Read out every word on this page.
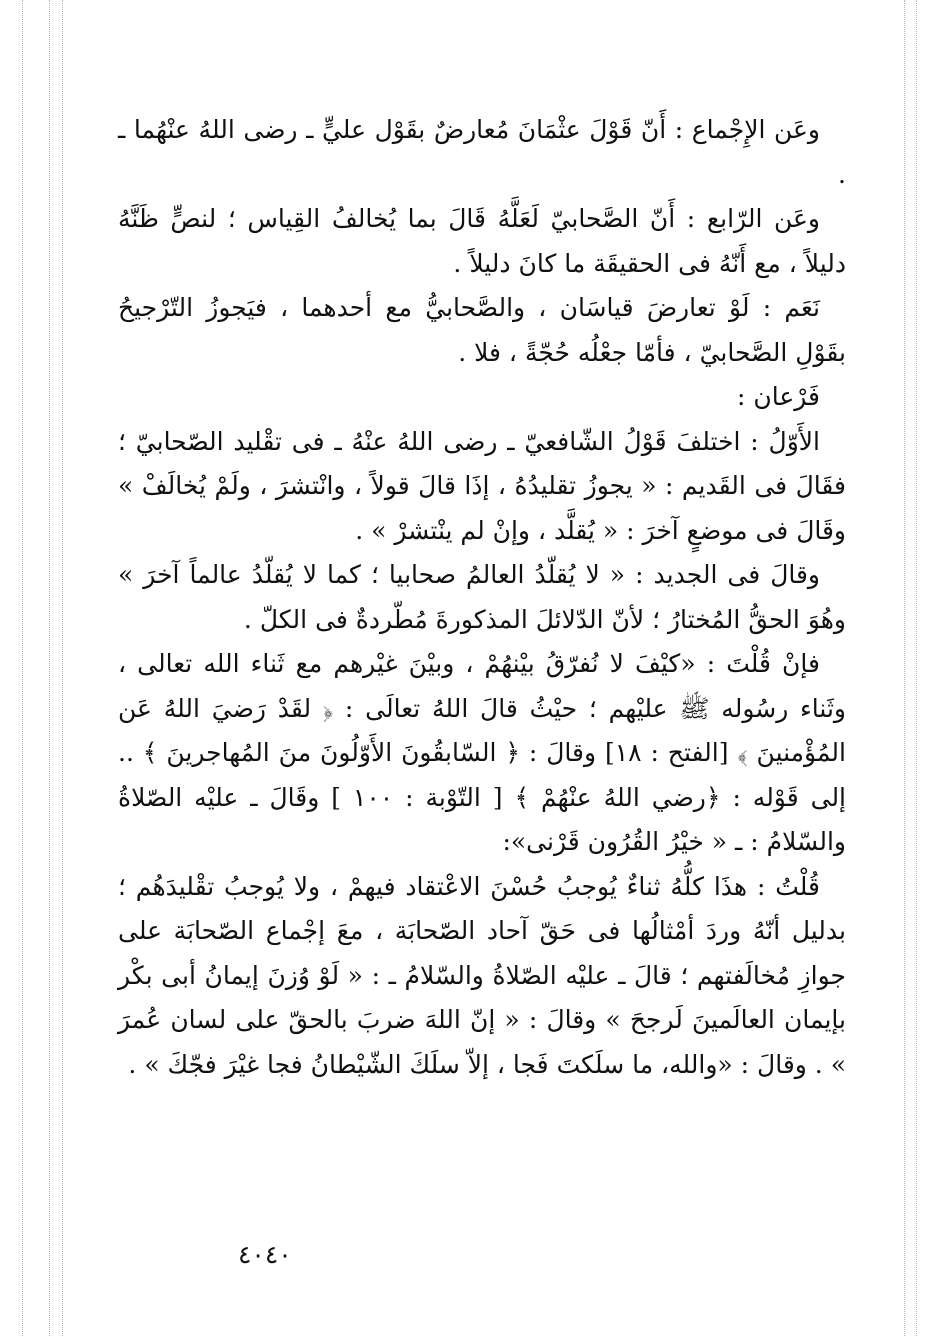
وعَن الإِجْماع : أَنّ قَوْلَ عثْمَانَ مُعارضٌ بقَوْل عليٍّ ـ رضى اللهُ عنْهُما ـ .

وعَن الرّابع : أَنّ الصَّحابيّ لَعَلَّهُ قَالَ بما يُخالفُ القِياس ؛ لنصٍّ ظَنَّهُ دليلاً ، مع أَنّهُ فى الحقيقَة ما كانَ دليلاً .

نَعَم : لَوْ تعارضَ قياسَان ، والصَّحابيُّ مع أحدهما ، فيَجوزُ التّرْجيحُ بقَوْلِ الصَّحابيّ ، فأمّا جعْلُه حُجّةً ، فلا .

فَرْعان :

الأَوّلُ : اختلفَ قَوْلُ الشّافعيّ ـ رضى اللهُ عنْهُ ـ فى تقْليد الصّحابيّ ؛ فقَالَ فى القَديم : « يجوزُ تقليدُهُ ، إذَا قالَ قولاً ، وانْتشرَ ، ولَمْ يُخالَفْ » وقَالَ فى موضعٍ آخرَ : « يُقلَّد ، وإنْ لم ينْتشرْ » .

وقالَ فى الجديد : « لا يُقلّدُ العالمُ صحابيا ؛ كما لا يُقلّدُ عالماً آخرَ » وهُوَ الحقُّ المُختارُ ؛ لأنّ الدّلائلَ المذكورةَ مُطّردةٌ فى الكلّ .

فإنْ قُلْتَ : «كيْفَ لا نُفرّقُ بيْنهُمْ ، وبيْنَ غيْرهم مع ثَناء الله تعالى ، وثَناء رسُوله ﷺ عليْهم ؛ حيْثُ قالَ اللهُ تعالَى : ﴿ لقَدْ رَضيَ اللهُ عَن المُؤْمنينَ ﴾ [الفتح : ١٨] وقالَ : ﴿ السّابقُونَ الأَوّلُونَ منَ المُهاجرينَ ﴾ .. إلى قَوْله : ﴿رضي اللهُ عنْهُمْ ﴾ [ التّوْبة : ١٠٠ ] وقَالَ ـ عليْه الصّلاةُ والسّلامُ : ـ « خيْرُ القُرُون قَرْنى»:

قُلْتُ : هذَا كلُّهُ ثناءٌ يُوجبُ حُسْنَ الاعْتقاد فيهمْ ، ولا يُوجبُ تقْليدَهُم ؛ بدليل أنّهُ وردَ أمْثالُها فى حَقّ آحاد الصّحابَة ، معَ إجْماع الصّحابَة على جوازِ مُخالَفتهم ؛ قالَ ـ عليْه الصّلاةُ والسّلامُ ـ : « لَوْ وُزنَ إيمانُ أبى بكْر بإيمان العالَمينَ لَرجحَ » وقالَ : « إنّ اللهَ ضربَ بالحقّ على لسان عُمرَ » . وقالَ : «والله، ما سلَكتَ فَجا ، إلاّ سلَكَ الشّيْطانُ فجا غيْرَ فجّكَ » .

٤٠٤٠
